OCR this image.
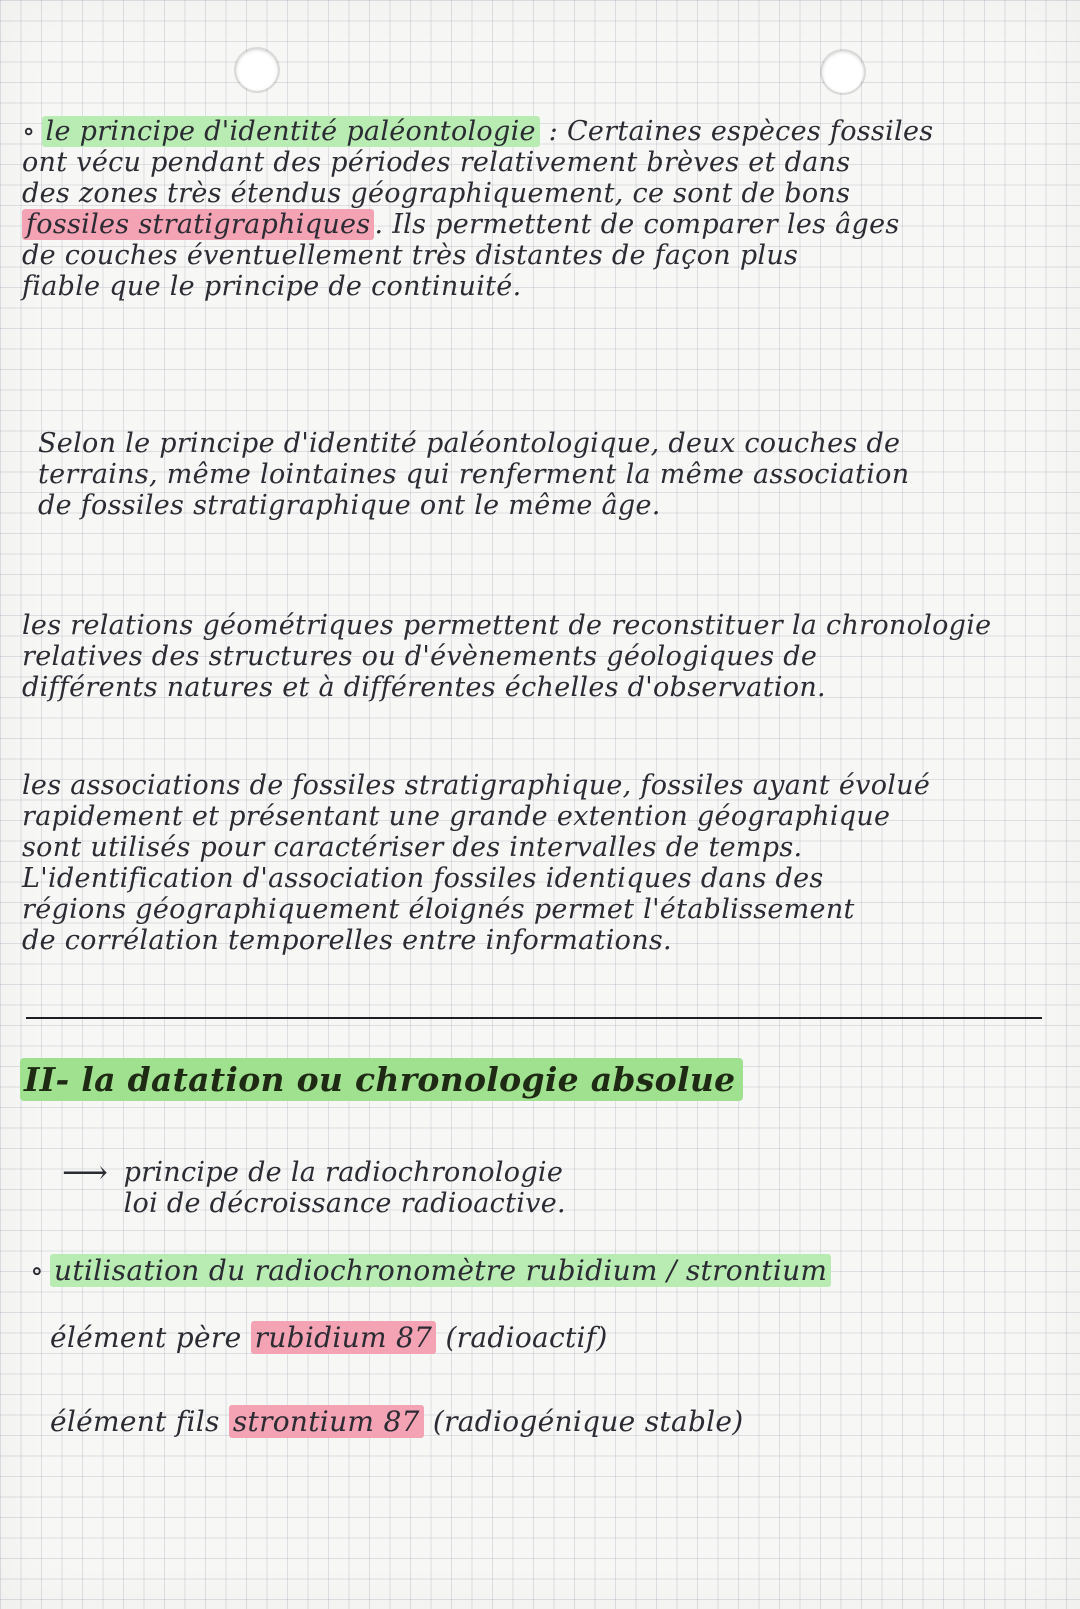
∘ le principe d'identité paléontologie : Certaines espèces fossiles
ont vécu pendant des périodes relativement brèves et dans
des zones très étendus géographiquement, ce sont de bons
fossiles stratigraphiques . Ils permettent de comparer les âges
de couches éventuellement très distantes de façon plus
fiable que le principe de continuité.
Selon le principe d'identité paléontologique, deux couches de
terrains, même lointaines qui renferment la même association
de fossiles stratigraphique ont le même âge.
les relations géométriques permettent de reconstituer la chronologie
relatives des structures ou d'évènements géologiques de
différents natures et à différentes échelles d'observation.
les associations de fossiles stratigraphique, fossiles ayant évolué
rapidement et présentant une grande extention géographique
sont utilisés pour caractériser des intervalles de temps.
L'identification d'association fossiles identiques dans des
régions géographiquement éloignés permet l'établissement
de corrélation temporelles entre informations.
II- la datation ou chronologie absolue
⟶ principe de la radiochronologie
loi de décroissance radioactive.
∘ utilisation du radiochronomètre rubidium / strontium
élément père rubidium 87 (radioactif)
élément fils strontium 87 (radiogénique stable)
